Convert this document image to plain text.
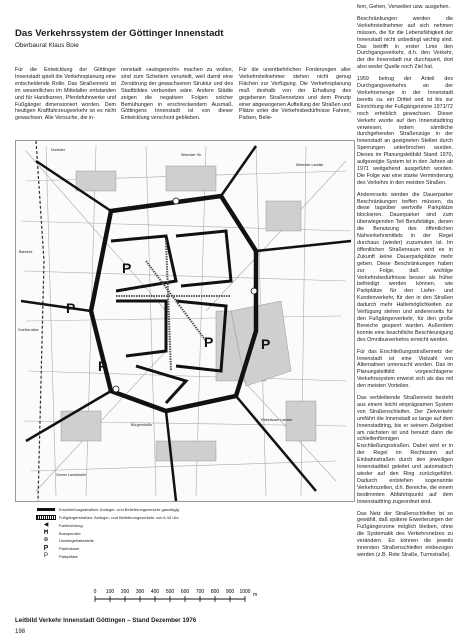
Das Verkehrssystem der Göttinger Innenstadt
Oberbaurat Klaus Boie
Für die Entwicklung der Göttinger Innenstadt spielt die Verkehrsplanung eine entscheidende Rolle. Das Straßennetz ist im wesentlichen im Mittelalter entstanden und für Handkarren, Pferdefuhrwerke und Fußgänger dimensioniert worden. Dem heutigen Kraftfahrzeugverkehr ist es nicht gewachsen. Alle Versuche, die in-
nenstadt »autogerecht« machen zu wollen, sind zum Scheitern verurteilt, weil damit eine Zerstörung der gewachsenen Struktur und des Stadtbildes verbunden wäre. Andere Städte zeigen die negativen Folgen solcher Bemühungen in erschreckendem Ausmaß. Göttingens Innenstadt ist von dieser Entwicklung verschont geblieben.
Für die unentbehrlichen Forderungen aller Verkehrsteilnehmer stehen nicht genug Flächen zur Verfügung. Die Verkehrsplanung muß deshalb von der Erhaltung des gegebenen Straßennetzes und dem Prinzip einer abgewogenen Aufteilung der Straßen und Plätze unter die Verkehrsbedürfnisse Fahren, Parken, Belie-

fern, Gehen, Verweilen usw. ausgehen.

Beschränkungen werden die Verkehrsteilnehmer auf sich nehmen müssen, die für die Lebensfähigkeit der Innenstadt nicht unbedingt wichtig sind. Das betrifft in erster Linie den Durchgangsverkehr, d.h. den Verkehr, der die Innenstadt nur durchquert, dort also weder Quelle noch Ziel hat.

1959 betrug der Anteil des Durchgangsverkehrs an der Verkehrsmenge in der Innenstadt bereits ca. ein Drittel und ist bis zur Einrichtung der Fußgängerzone 1971/72 noch erheblich gewachsen. Dieser Verkehr wurde auf den Innenstadtring verwiesen, indem sämtliche durchgehenden Straßenzüge in der Innenstadt an geeigneten Stellen durch Sperrungen unterbrochen wurden. Dieses im Planungsleitbild Stand 1970, aufgezeigte System ist in den Jahren ab 1971 weitgehend ausgeführt worden. Die Folge war eine starke Verminderung des Verkehrs in den meisten Straßen.

Andererseits werden die Dauerparker Beschränkungen treffen müssen, da diese tagsüber wertvolle Parkplätze blockieren. Dauerparker sind zum überwiegenden Teil Berufstätige, denen die Benutzung des öffentlichen Nahverkehrsmittels in der Regel durchaus (wieder) zuzumuten ist. Im öffentlichen Straßenraum wird es in Zukunft keine Dauerparkplätze mehr geben. Diese Beschränkungen haben zur Folge, daß wichtige Verkehrsbedürfnisse besser als früher befriedigt werden können, wie Parkplätze für den Liefer- und Kundenverkehr, für den in den Straßen dadurch mehr Haltemöglichkeiten zur Verfügung stehen und andererseits für den Fußgängerverkehr, für den große Bereiche gesperrt wurden. Außerdem konnte eine beachtliche Beschleunigung des Omnibusverkehrs erreicht werden.

Für das Erschließungsstraßennetz der Innenstadt ist eine Vielzahl von Alternativen untersucht worden. Das im Planungsleitbild vorgeschlagene Verkehrssystem erweist sich als das mit den meisten Vorteilen.

Das verbleibende Straßennetz besteht aus einem leicht einprägsamen System von Straßenschleifen. Der Zielverkehr umfährt die Innenstadt so lange auf dem Innenstadtring, bis er seinem Zielgebiet am nächsten ist und benutzt dann die schleifenförmigen Erschließungsstraßen. Dabei wird er in der Regel im Rechtssinn auf Einbahnstraßen durch den jeweiligen Innenstadtteil geleitet und automatisch wieder auf den Ring zurückgeführt. Dadurch entstehen sogenannte Verkehrszellen, d.h. Bereiche, die einem bestimmten Abfahrtspunkt auf dem Innenstadtring zugeordnet sind.

Das Netz der Straßenschleifen ist so gewählt, daß spätere Erweiterungen der Fußgängerzone möglich bleiben, ohne die Systematik des Verkehrsnetzes zu verändern. Es können die jeweils innersten Straßenschleifen einbezogen werden (z.B. Rote Straße, Turmstraße).

P
P
P
P
P
Weender Str
Nordufer
Bahnhof
Goethe-allee
Bürgerstraße
Reinhäuser Landstr
Groner Landstraße
Weender Landstr
Erschließungsstraßen: Anlieger- und Belieferungsverkehr ganztägig
Fußgängerstraßen: Anlieger- und Belieferungsverkehr von 6-10 Uhr
◀	Fahrtrichtung
Ħ	Bussperrahr
⊕	Umsteigehaltestelle
P	Parkhäuser
P	Parkplätze
0 100 200 300 400 500 600 700 800 900 1000 m
Leitbild Verkehr Innenstadt Göttingen – Stand Dezember 1976
198
